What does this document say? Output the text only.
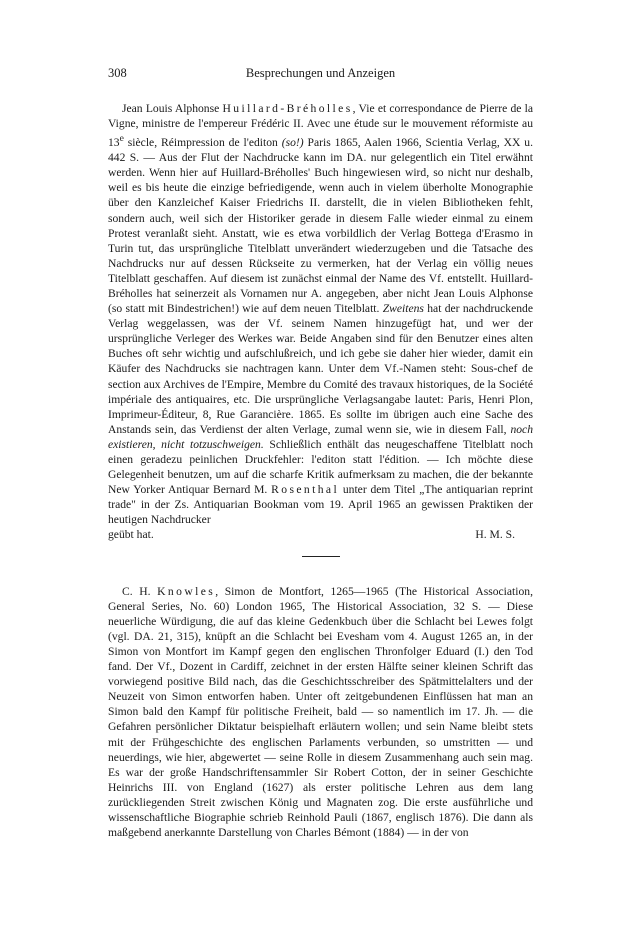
308	Besprechungen und Anzeigen

Jean Louis Alphonse Huillard-Bréholles, Vie et correspondance de Pierre de la Vigne, ministre de l'empereur Frédéric II. Avec une étude sur le mouvement réformiste au 13e siècle, Réimpression de l'editon (so!) Paris 1865, Aalen 1966, Scientia Verlag, XX u. 442 S. — Aus der Flut der Nachdrucke kann im DA. nur gelegentlich ein Titel erwähnt werden. Wenn hier auf Huillard-Bréholles' Buch hingewiesen wird, so nicht nur deshalb, weil es bis heute die einzige befriedigende, wenn auch in vielem überholte Monographie über den Kanzleichef Kaiser Friedrichs II. darstellt, die in vielen Bibliotheken fehlt, sondern auch, weil sich der Historiker gerade in diesem Falle wieder einmal zu einem Protest veranlaßt sieht. Anstatt, wie es etwa vorbildlich der Verlag Bottega d'Erasmo in Turin tut, das ursprüngliche Titelblatt unverändert wiederzugeben und die Tatsache des Nachdrucks nur auf dessen Rückseite zu vermerken, hat der Verlag ein völlig neues Titelblatt geschaffen. Auf diesem ist zunächst einmal der Name des Vf. entstellt. Huillard-Bréholles hat seinerzeit als Vornamen nur A. angegeben, aber nicht Jean Louis Alphonse (so statt mit Bindestrichen!) wie auf dem neuen Titelblatt. Zweitens hat der nachdruckende Verlag weggelassen, was der Vf. seinem Namen hinzugefügt hat, und wer der ursprüngliche Verleger des Werkes war. Beide Angaben sind für den Benutzer eines alten Buches oft sehr wichtig und aufschlußreich, und ich gebe sie daher hier wieder, damit ein Käufer des Nachdrucks sie nachtragen kann. Unter dem Vf.-Namen steht: Sous-chef de section aux Archives de l'Empire, Membre du Comité des travaux historiques, de la Société impériale des antiquaires, etc. Die ursprüngliche Verlagsangabe lautet: Paris, Henri Plon, Imprimeur-Éditeur, 8, Rue Garancière. 1865. Es sollte im übrigen auch eine Sache des Anstands sein, das Verdienst der alten Verlage, zumal wenn sie, wie in diesem Fall, noch existieren, nicht totzuschweigen. Schließlich enthält das neugeschaffene Titelblatt noch einen geradezu peinlichen Druckfehler: l'editon statt l'édition. — Ich möchte diese Gelegenheit benutzen, um auf die scharfe Kritik aufmerksam zu machen, die der bekannte New Yorker Antiquar Bernard M. Rosenthal unter dem Titel „The antiquarian reprint trade" in der Zs. Antiquarian Bookman vom 19. April 1965 an gewissen Praktiken der heutigen Nachdrucker

geübt hat.	H. M. S.

C. H. Knowles, Simon de Montfort, 1265—1965 (The Historical Association, General Series, No. 60) London 1965, The Historical Association, 32 S. — Diese neuerliche Würdigung, die auf das kleine Gedenkbuch über die Schlacht bei Lewes folgt (vgl. DA. 21, 315), knüpft an die Schlacht bei Evesham vom 4. August 1265 an, in der Simon von Montfort im Kampf gegen den englischen Thronfolger Eduard (I.) den Tod fand. Der Vf., Dozent in Cardiff, zeichnet in der ersten Hälfte seiner kleinen Schrift das vorwiegend positive Bild nach, das die Geschichtsschreiber des Spätmittelalters und der Neuzeit von Simon entworfen haben. Unter oft zeitgebundenen Einflüssen hat man an Simon bald den Kampf für politische Freiheit, bald — so namentlich im 17. Jh. — die Gefahren persönlicher Diktatur beispielhaft erläutern wollen; und sein Name bleibt stets mit der Frühgeschichte des englischen Parlaments verbunden, so umstritten — und neuerdings, wie hier, abgewertet — seine Rolle in diesem Zusammenhang auch sein mag. Es war der große Handschriftensammler Sir Robert Cotton, der in seiner Geschichte Heinrichs III. von England (1627) als erster politische Lehren aus dem lang zurückliegenden Streit zwischen König und Magnaten zog. Die erste ausführliche und wissenschaftliche Biographie schrieb Reinhold Pauli (1867, englisch 1876). Die dann als maßgebend anerkannte Darstellung von Charles Bémont (1884) — in der von
